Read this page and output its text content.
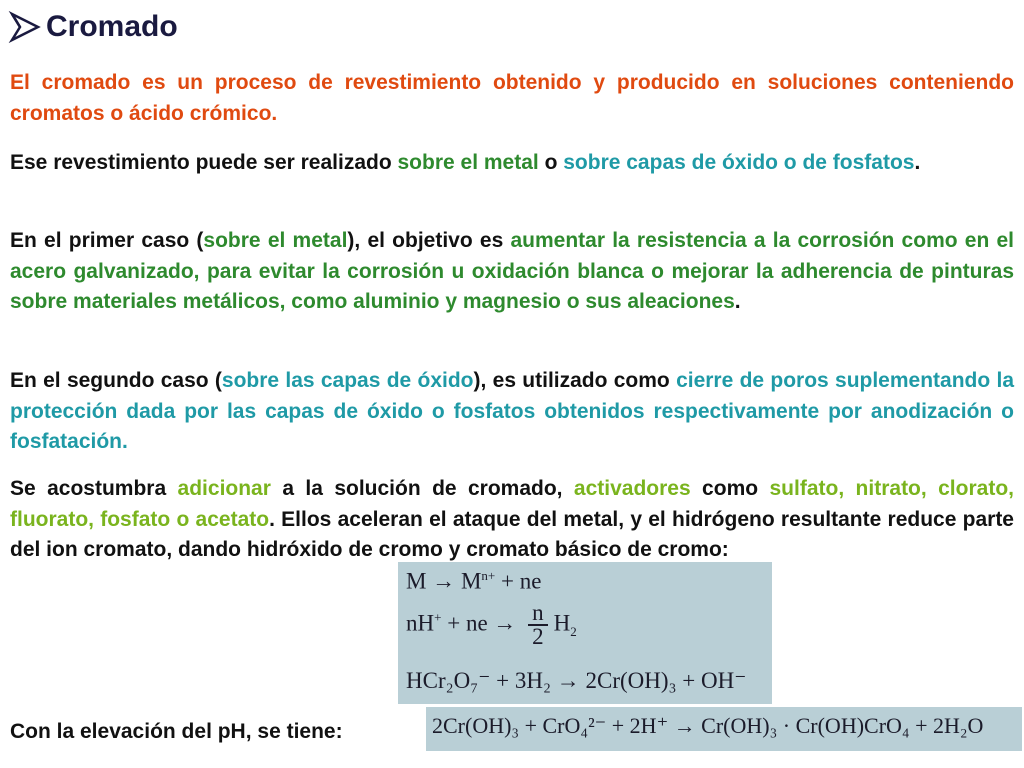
Cromado
El cromado es un proceso de revestimiento obtenido y producido en soluciones conteniendo cromatos o ácido crómico.
Ese revestimiento puede ser realizado sobre el metal o sobre capas de óxido o de fosfatos.
En el primer caso (sobre el metal), el objetivo es aumentar la resistencia a la corrosión como en el acero galvanizado, para evitar la corrosión u oxidación blanca o mejorar la adherencia de pinturas sobre materiales metálicos, como aluminio y magnesio o sus aleaciones.
En el segundo caso (sobre las capas de óxido), es utilizado como cierre de poros suplementando la protección dada por las capas de óxido o fosfatos obtenidos respectivamente por anodización o fosfatación.
Se acostumbra adicionar a la solución de cromado, activadores como sulfato, nitrato, clorato, fluorato, fosfato o acetato. Ellos aceleran el ataque del metal, y el hidrógeno resultante reduce parte del ion cromato, dando hidróxido de cromo y cromato básico de cromo:
$M \to M^{n+}$ + ne
nH+ + ne → $\frac{n}{2} H_2$
HCr₂O₇⁻ + 3H₂ → 2Cr(OH)₃ + OH⁻
Con la elevación del pH, se tiene:	2Cr(OH)₃ + CrO₄²⁻ + 2H⁺ → Cr(OH)₃ · Cr(OH)CrO₄ + 2H₂O
